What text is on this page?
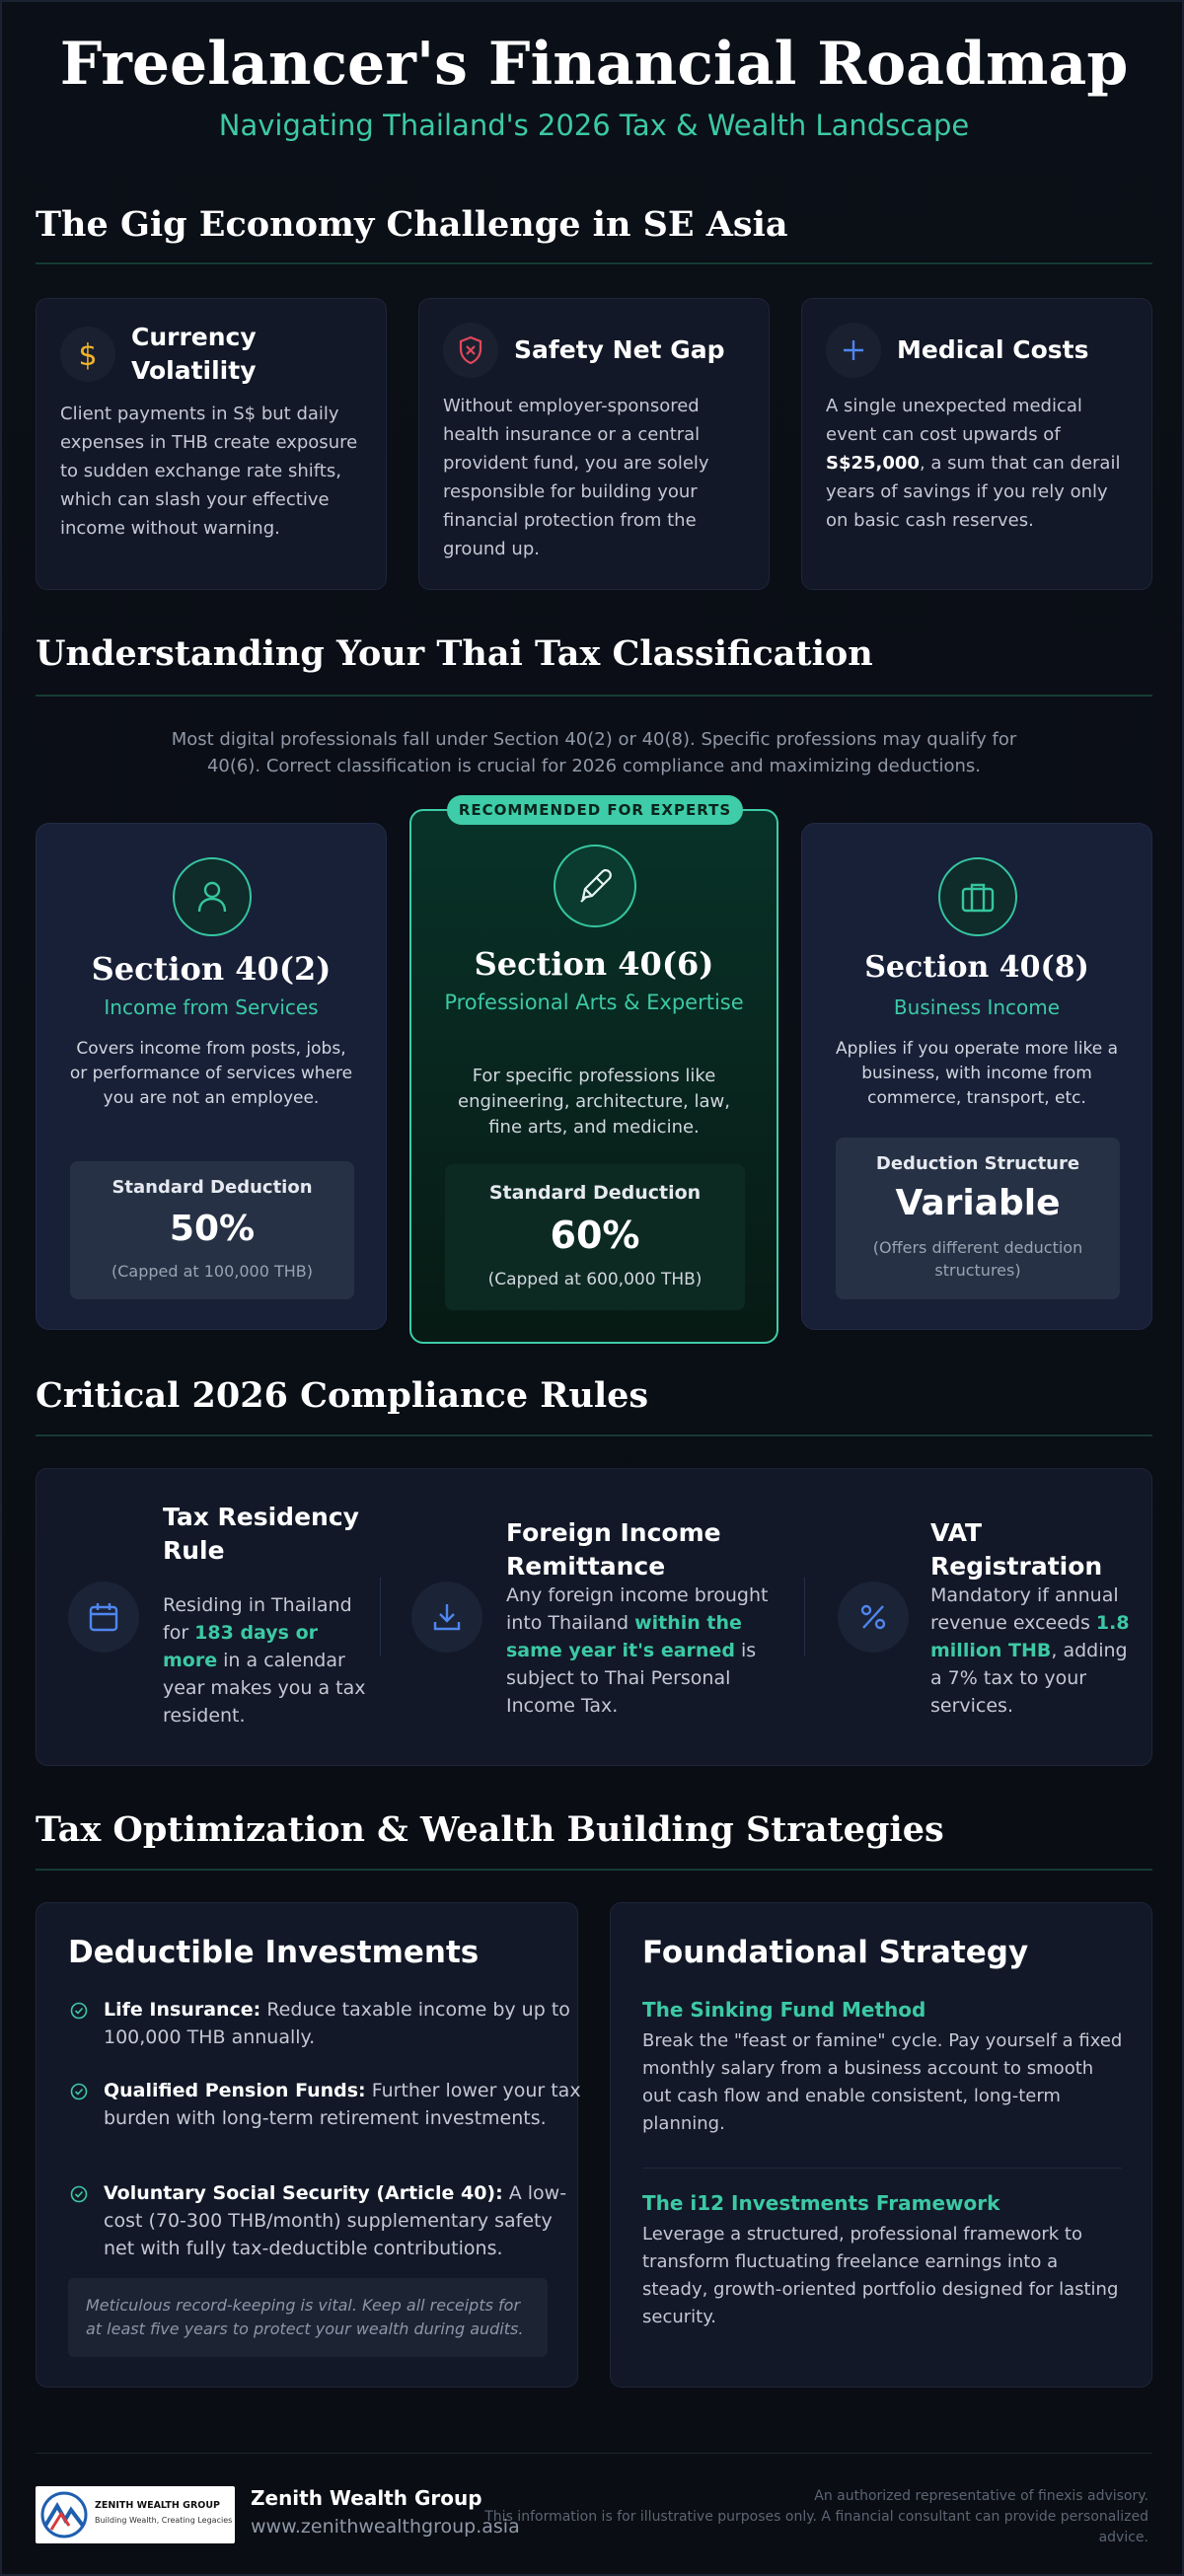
Freelancer's Financial Roadmap
Navigating Thailand's 2026 Tax & Wealth Landscape
The Gig Economy Challenge in SE Asia
$
Currency Volatility
Client payments in S$ but daily expenses in THB create exposure to sudden exchange rate shifts, which can slash your effective income without warning.
Safety Net Gap
Without employer-sponsored health insurance or a central provident fund, you are solely responsible for building your financial protection from the ground up.
Medical Costs
A single unexpected medical event can cost upwards of S$25,000, a sum that can derail years of savings if you rely only on basic cash reserves.
Understanding Your Thai Tax Classification
Most digital professionals fall under Section 40(2) or 40(8). Specific professions may qualify for 40(6). Correct classification is crucial for 2026 compliance and maximizing deductions.
Section 40(2)
Income from Services
Covers income from posts, jobs, or performance of services where you are not an employee.
Standard Deduction
50%
(Capped at 100,000 THB)
RECOMMENDED FOR EXPERTS
Section 40(6)
Professional Arts & Expertise
For specific professions like engineering, architecture, law, fine arts, and medicine.
Standard Deduction
60%
(Capped at 600,000 THB)
Section 40(8)
Business Income
Applies if you operate more like a business, with income from commerce, transport, etc.
Deduction Structure
Variable
(Offers different deduction structures)
Critical 2026 Compliance Rules
Tax Residency Rule
Residing in Thailand for 183 days or more in a calendar year makes you a tax resident.
Foreign Income Remittance
Any foreign income brought into Thailand within the same year it's earned is subject to Thai Personal Income Tax.
VAT Registration
Mandatory if annual revenue exceeds 1.8 million THB, adding a 7% tax to your services.
Tax Optimization & Wealth Building Strategies
Deductible Investments
Life Insurance: Reduce taxable income by up to 100,000 THB annually.
Qualified Pension Funds: Further lower your tax burden with long-term retirement investments.
Voluntary Social Security (Article 40): A low-cost (70-300 THB/month) supplementary safety net with fully tax-deductible contributions.
Meticulous record-keeping is vital. Keep all receipts for at least five years to protect your wealth during audits.
Foundational Strategy
The Sinking Fund Method
Break the "feast or famine" cycle. Pay yourself a fixed monthly salary from a business account to smooth out cash flow and enable consistent, long-term planning.
The i12 Investments Framework
Leverage a structured, professional framework to transform fluctuating freelance earnings into a steady, growth-oriented portfolio designed for lasting security.
ZENITH WEALTH GROUP
Building Wealth, Creating Legacies
Zenith Wealth Group
www.zenithwealthgroup.asia
An authorized representative of finexis advisory.
This information is for illustrative purposes only. A financial consultant can provide personalized advice.
